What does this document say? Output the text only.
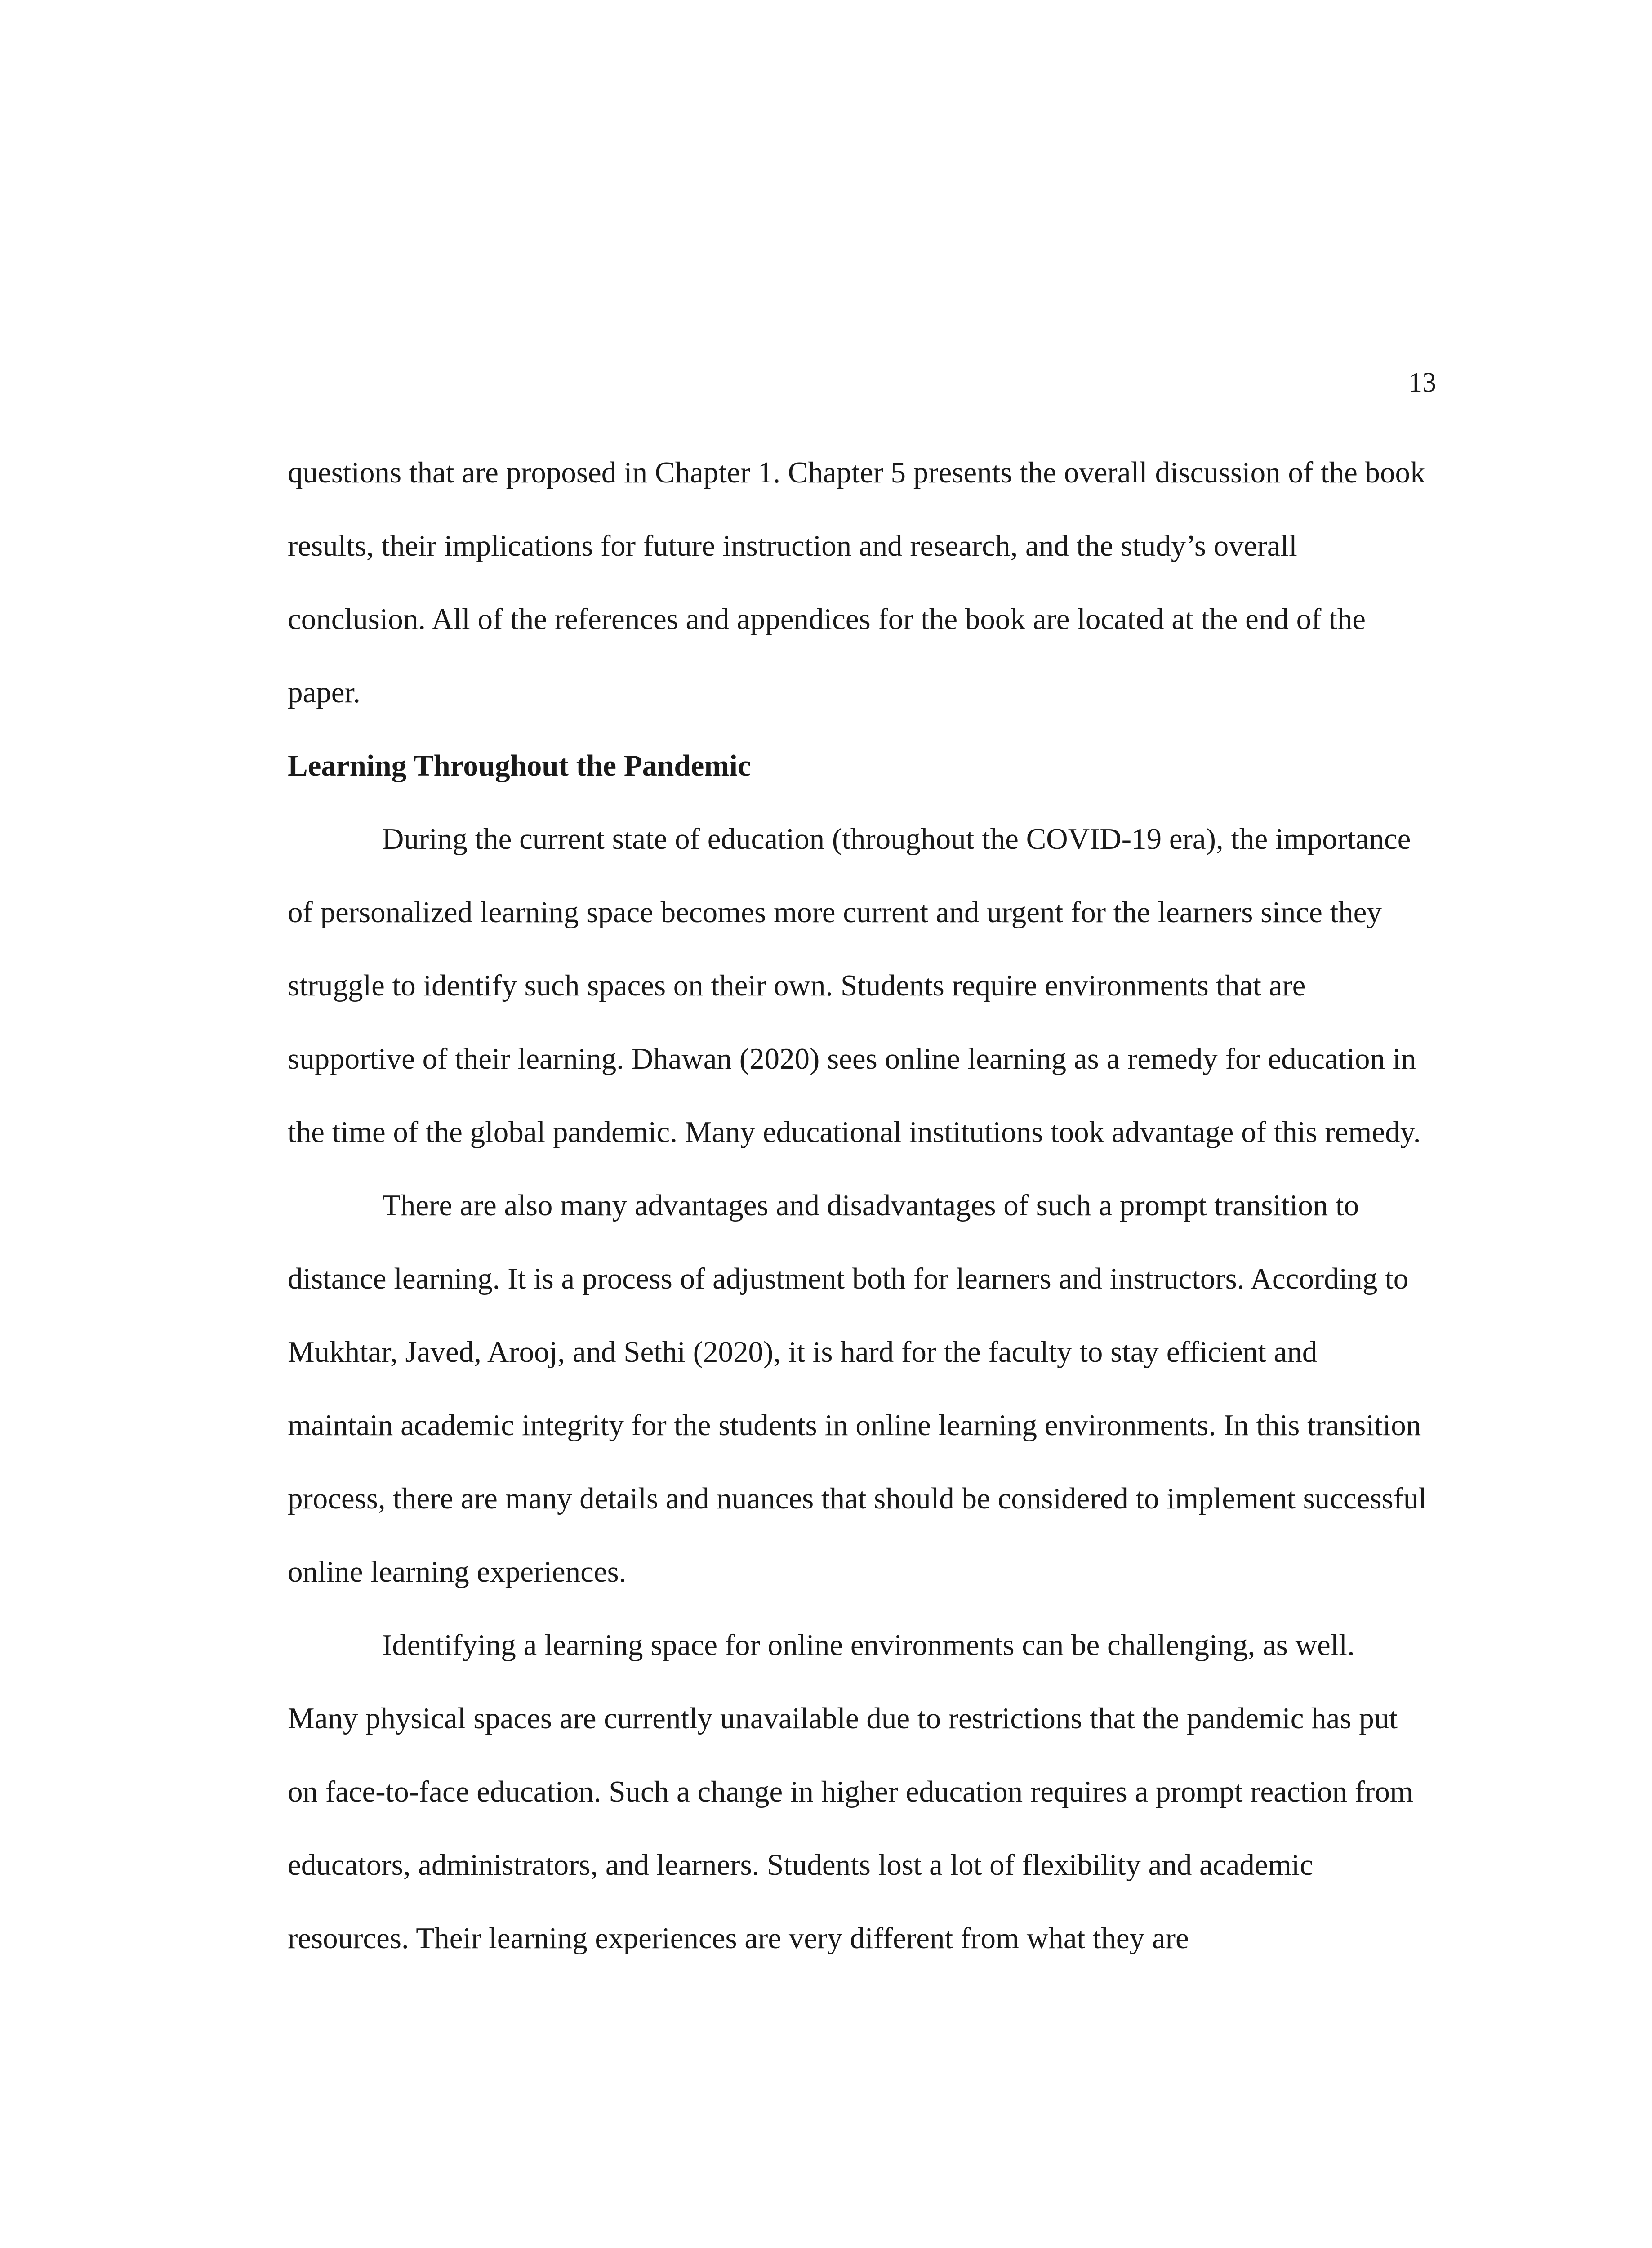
13

questions that are proposed in Chapter 1. Chapter 5 presents the overall discussion of the book results, their implications for future instruction and research, and the study’s overall conclusion. All of the references and appendices for the book are located at the end of the paper.

Learning Throughout the Pandemic

During the current state of education (throughout the COVID-19 era), the importance of personalized learning space becomes more current and urgent for the learners since they struggle to identify such spaces on their own. Students require environments that are supportive of their learning. Dhawan (2020) sees online learning as a remedy for education in the time of the global pandemic. Many educational institutions took advantage of this remedy.

There are also many advantages and disadvantages of such a prompt transition to distance learning. It is a process of adjustment both for learners and instructors. According to Mukhtar, Javed, Arooj, and Sethi (2020), it is hard for the faculty to stay efficient and maintain academic integrity for the students in online learning environments. In this transition process, there are many details and nuances that should be considered to implement successful online learning experiences.

Identifying a learning space for online environments can be challenging, as well. Many physical spaces are currently unavailable due to restrictions that the pandemic has put on face-to-face education. Such a change in higher education requires a prompt reaction from educators, administrators, and learners. Students lost a lot of flexibility and academic resources. Their learning experiences are very different from what they are
